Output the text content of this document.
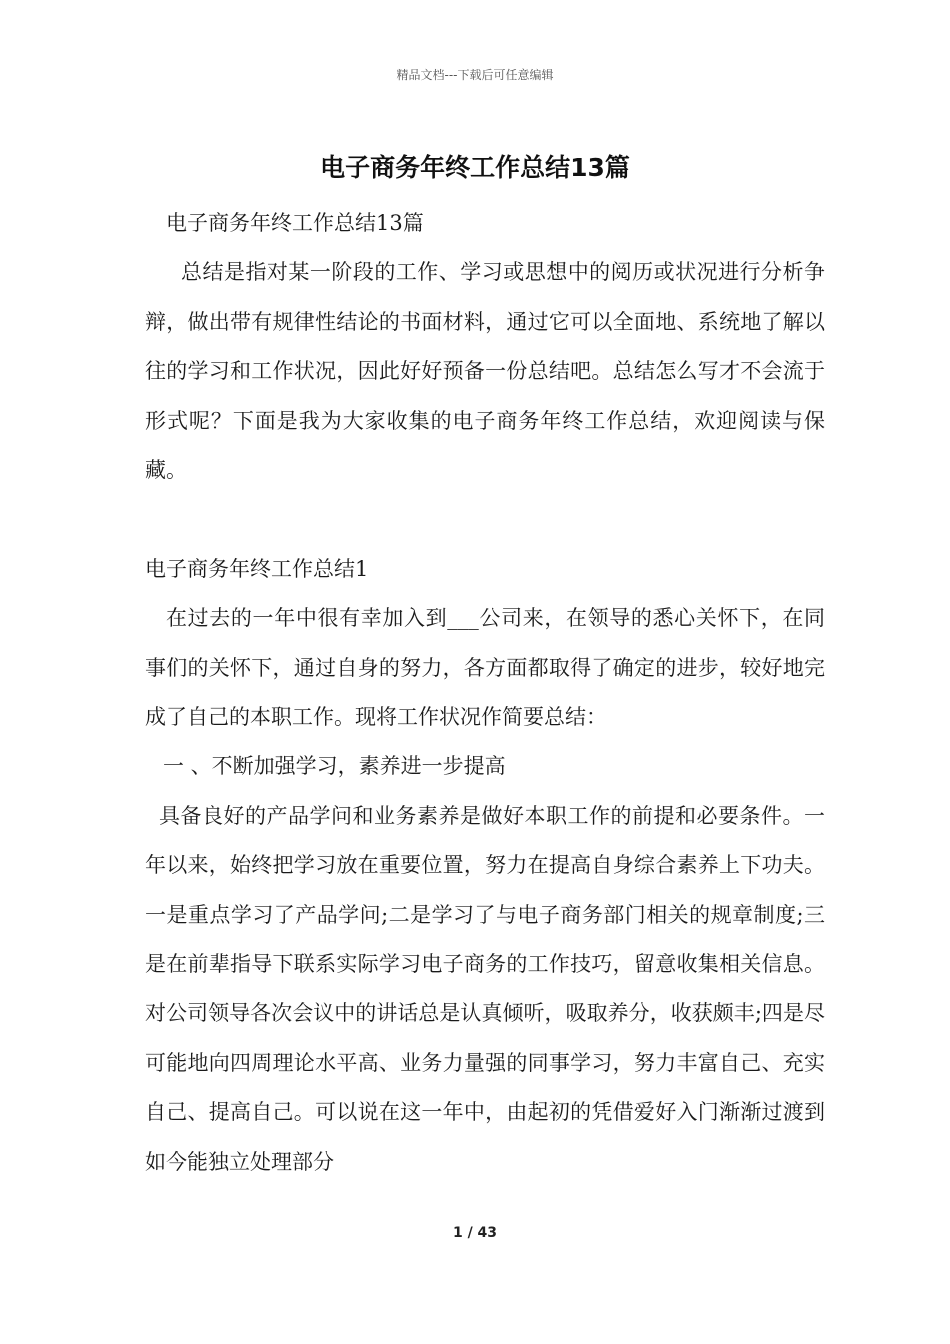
精品文档---下载后可任意编辑
电子商务年终工作总结13篇

电子商务年终工作总结13篇

总结是指对某一阶段的工作、学习或思想中的阅历或状况进行分析争辩，做出带有规律性结论的书面材料，通过它可以全面地、系统地了解以往的学习和工作状况，因此好好预备一份总结吧。总结怎么写才不会流于形式呢？下面是我为大家收集的电子商务年终工作总结，欢迎阅读与保藏。

电子商务年终工作总结1

在过去的一年中很有幸加入到___公司来，在领导的悉心关怀下，在同事们的关怀下，通过自身的努力，各方面都取得了确定的进步，较好地完成了自己的本职工作。现将工作状况作简要总结：

一 、不断加强学习，素养进一步提高

具备良好的产品学问和业务素养是做好本职工作的前提和必要条件。一年以来，始终把学习放在重要位置，努力在提高自身综合素养上下功夫。一是重点学习了产品学问;二是学习了与电子商务部门相关的规章制度;三是在前辈指导下联系实际学习电子商务的工作技巧，留意收集相关信息。对公司领导各次会议中的讲话总是认真倾听，吸取养分，收获颇丰;四是尽可能地向四周理论水平高、业务力量强的同事学习，努力丰富自己、充实自己、提高自己。可以说在这一年中，由起初的凭借爱好入门渐渐过渡到如今能独立处理部分

1 / 43
